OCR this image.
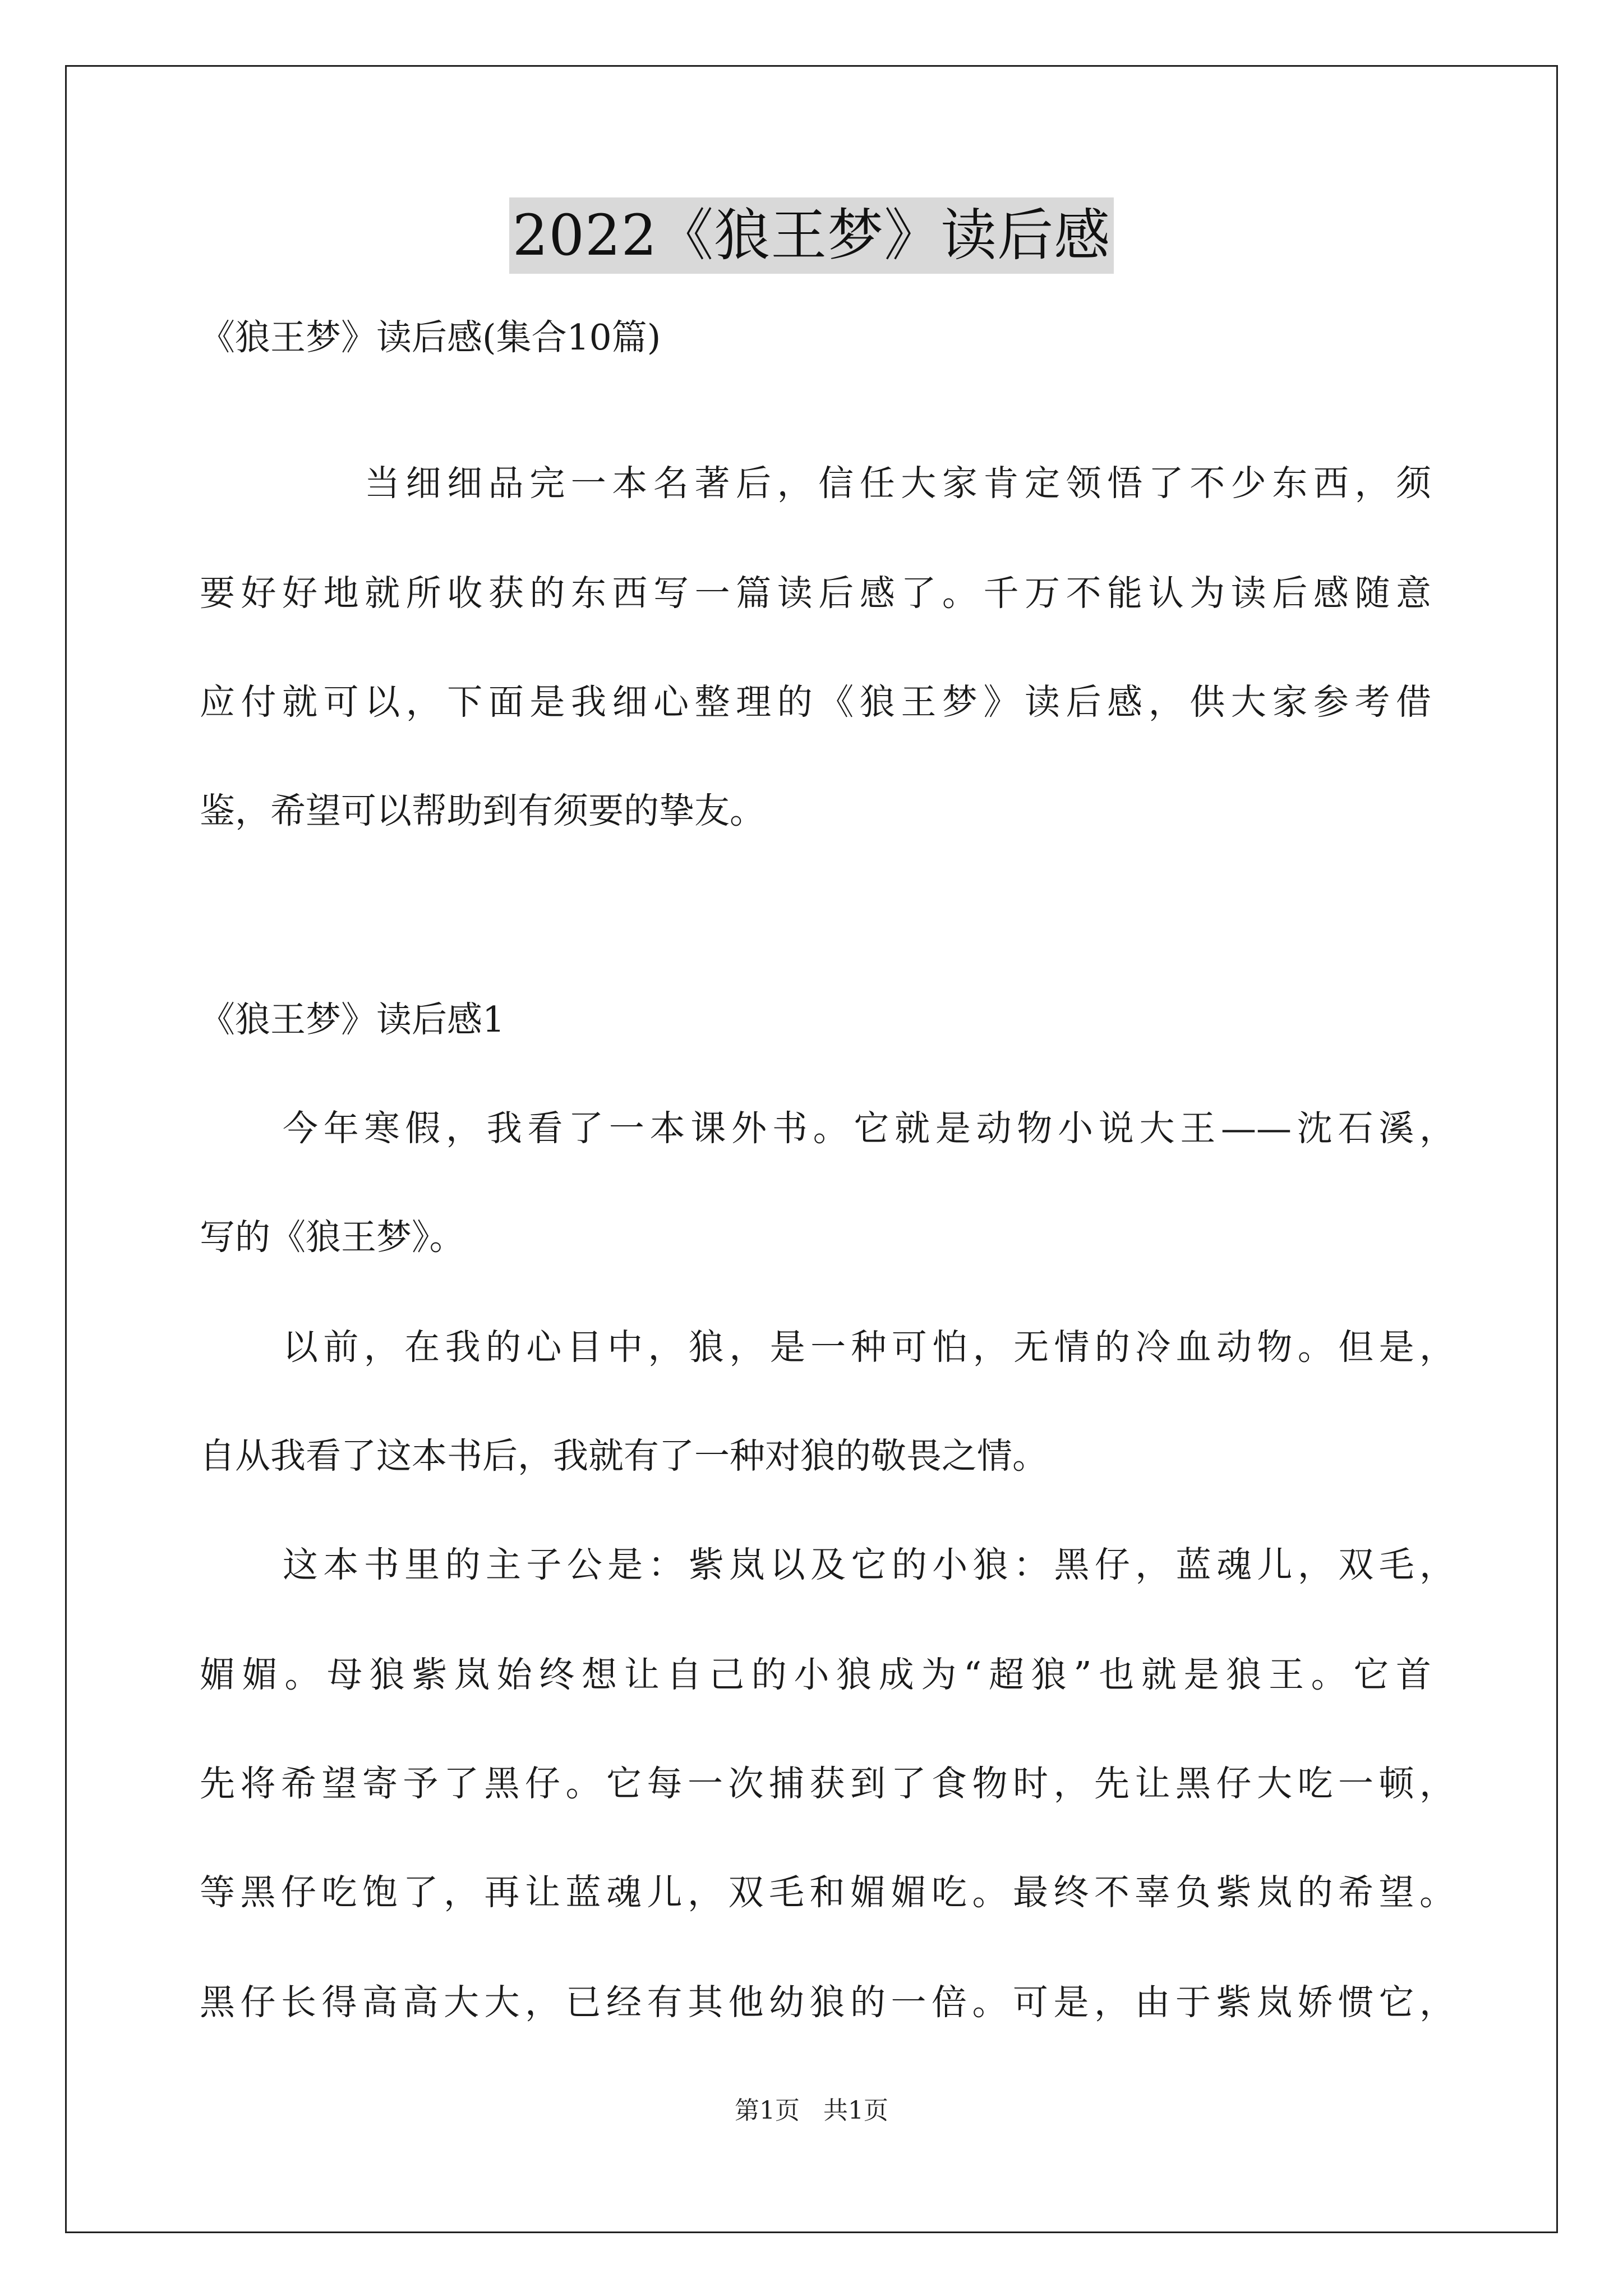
2022《狼王梦》读后感
《狼王梦》读后感(集合10篇)
当细细品完一本名著后，信任大家肯定领悟了不少东西，须
要好好地就所收获的东西写一篇读后感了。千万不能认为读后感随意
应付就可以，下面是我细心整理的《狼王梦》读后感，供大家参考借
鉴，希望可以帮助到有须要的挚友。
《狼王梦》读后感1
今年寒假，我看了一本课外书。它就是动物小说大王——沈石溪，
写的《狼王梦》。
以前，在我的心目中，狼，是一种可怕，无情的冷血动物。但是，
自从我看了这本书后，我就有了一种对狼的敬畏之情。
这本书里的主子公是：紫岚以及它的小狼：黑仔，蓝魂儿，双毛，
媚媚。母狼紫岚始终想让自己的小狼成为“超狼”也就是狼王。它首
先将希望寄予了黑仔。它每一次捕获到了食物时，先让黑仔大吃一顿，
等黑仔吃饱了，再让蓝魂儿，双毛和媚媚吃。最终不辜负紫岚的希望。
黑仔长得高高大大，已经有其他幼狼的一倍。可是，由于紫岚娇惯它，
第1页   共1页
